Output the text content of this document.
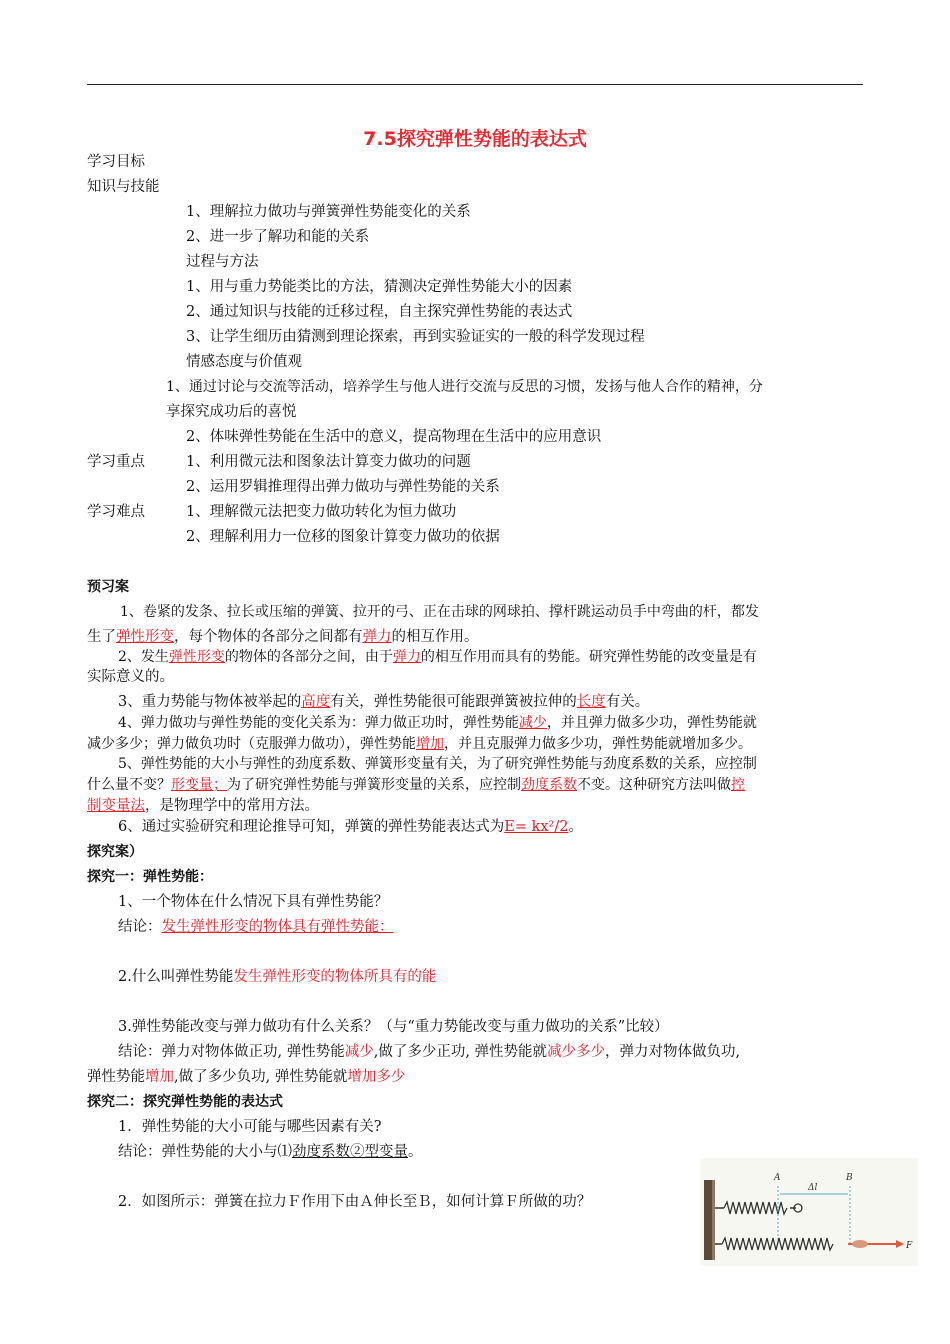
7.5探究弹性势能的表达式
学习目标
知识与技能
1、理解拉力做功与弹簧弹性势能变化的关系
2、进一步了解功和能的关系
过程与方法
1、用与重力势能类比的方法，猜测决定弹性势能大小的因素
2、通过知识与技能的迁移过程，自主探究弹性势能的表达式
3、让学生细历由猜测到理论探索，再到实验证实的一般的科学发现过程
情感态度与价值观
1、通过讨论与交流等活动，培养学生与他人进行交流与反思的习惯，发扬与他人合作的精神，分
享探究成功后的喜悦
2、体味弹性势能在生活中的意义，提高物理在生活中的应用意识
学习重点	1、利用微元法和图象法计算变力做功的问题
2、运用罗辑推理得出弹力做功与弹性势能的关系
学习难点	1、理解微元法把变力做功转化为恒力做功
2、理解利用力一位移的图象计算变力做功的依据
预习案
1、卷紧的发条、拉长或压缩的弹簧、拉开的弓、正在击球的网球拍、撑杆跳运动员手中弯曲的杆，都发
生了弹性形变，每个物体的各部分之间都有弹力的相互作用。
2、发生弹性形变的物体的各部分之间，由于弹力的相互作用而具有的势能。研究弹性势能的改变量是有
实际意义的。
3、重力势能与物体被举起的高度有关，弹性势能很可能跟弹簧被拉伸的长度有关。
4、弹力做功与弹性势能的变化关系为：弹力做正功时，弹性势能减少，并且弹力做多少功，弹性势能就
减少多少；弹力做负功时（克服弹力做功），弹性势能增加，并且克服弹力做多少功，弹性势能就增加多少。
5、弹性势能的大小与弹性的劲度系数、弹簧形变量有关，为了研究弹性势能与劲度系数的关系，应控制
什么量不变？形变量；为了研究弹性势能与弹簧形变量的关系，应控制劲度系数不变。这种研究方法叫做控
制变量法，是物理学中的常用方法。
6、通过实验研究和理论推导可知，弹簧的弹性势能表达式为E= kx²/2。
探究案）
探究一：弹性势能：
1、一个物体在什么情况下具有弹性势能？
结论：发生弹性形变的物体具有弹性势能：
2.什么叫弹性势能发生弹性形变的物体所具有的能
3.弹性势能改变与弹力做功有什么关系？（与“重力势能改变与重力做功的关系”比较）
结论：弹力对物体做正功, 弹性势能减少,做了多少正功, 弹性势能就减少多少，弹力对物体做负功,
弹性势能增加,做了多少负功, 弹性势能就增加多少
探究二：探究弹性势能的表达式
1．弹性势能的大小可能与哪些因素有关?
结论：弹性势能的大小与⑴劲度系数②型变量。
2．如图所示：弹簧在拉力Ｆ作用下由Ａ伸长至Ｂ，如何计算Ｆ所做的功？
A	B
Δl
F
